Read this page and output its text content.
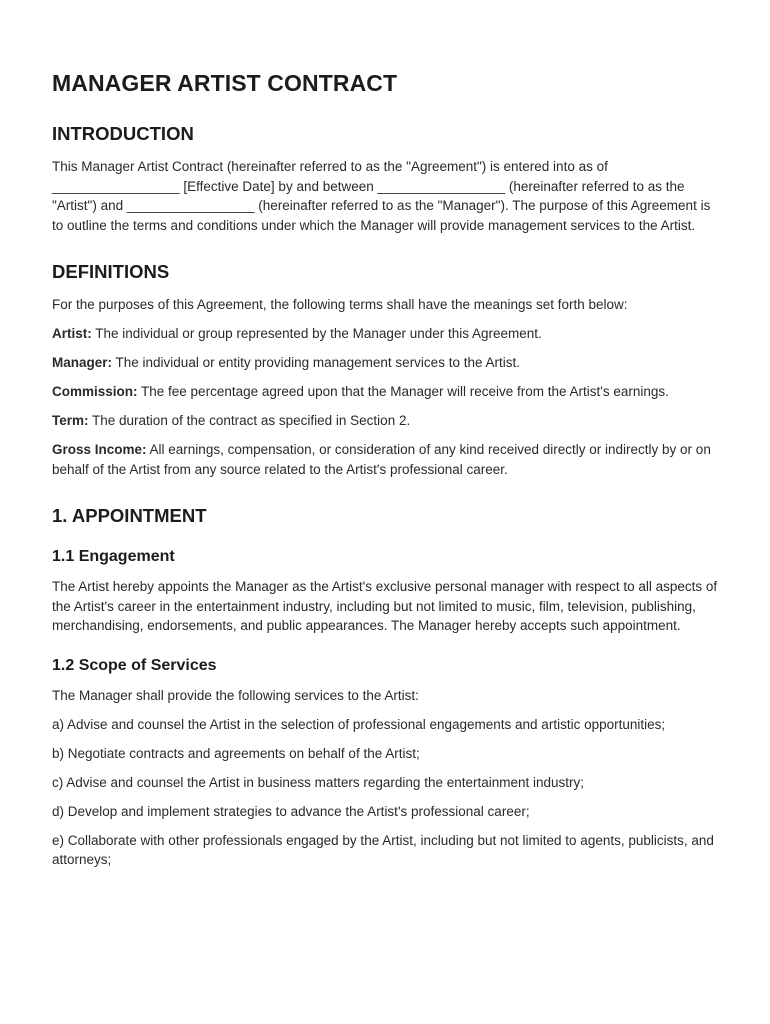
MANAGER ARTIST CONTRACT
INTRODUCTION

This Manager Artist Contract (hereinafter referred to as the "Agreement") is entered into as of _________________ [Effective Date] by and between _________________ (hereinafter referred to as the "Artist") and _________________ (hereinafter referred to as the "Manager"). The purpose of this Agreement is to outline the terms and conditions under which the Manager will provide management services to the Artist.

DEFINITIONS

For the purposes of this Agreement, the following terms shall have the meanings set forth below:

Artist: The individual or group represented by the Manager under this Agreement.

Manager: The individual or entity providing management services to the Artist.

Commission: The fee percentage agreed upon that the Manager will receive from the Artist's earnings.

Term: The duration of the contract as specified in Section 2.

Gross Income: All earnings, compensation, or consideration of any kind received directly or indirectly by or on behalf of the Artist from any source related to the Artist's professional career.

1. APPOINTMENT
1.1 Engagement

The Artist hereby appoints the Manager as the Artist's exclusive personal manager with respect to all aspects of the Artist's career in the entertainment industry, including but not limited to music, film, television, publishing, merchandising, endorsements, and public appearances. The Manager hereby accepts such appointment.

1.2 Scope of Services

The Manager shall provide the following services to the Artist:

a) Advise and counsel the Artist in the selection of professional engagements and artistic opportunities;

b) Negotiate contracts and agreements on behalf of the Artist;

c) Advise and counsel the Artist in business matters regarding the entertainment industry;

d) Develop and implement strategies to advance the Artist's professional career;

e) Collaborate with other professionals engaged by the Artist, including but not limited to agents, publicists, and attorneys;
